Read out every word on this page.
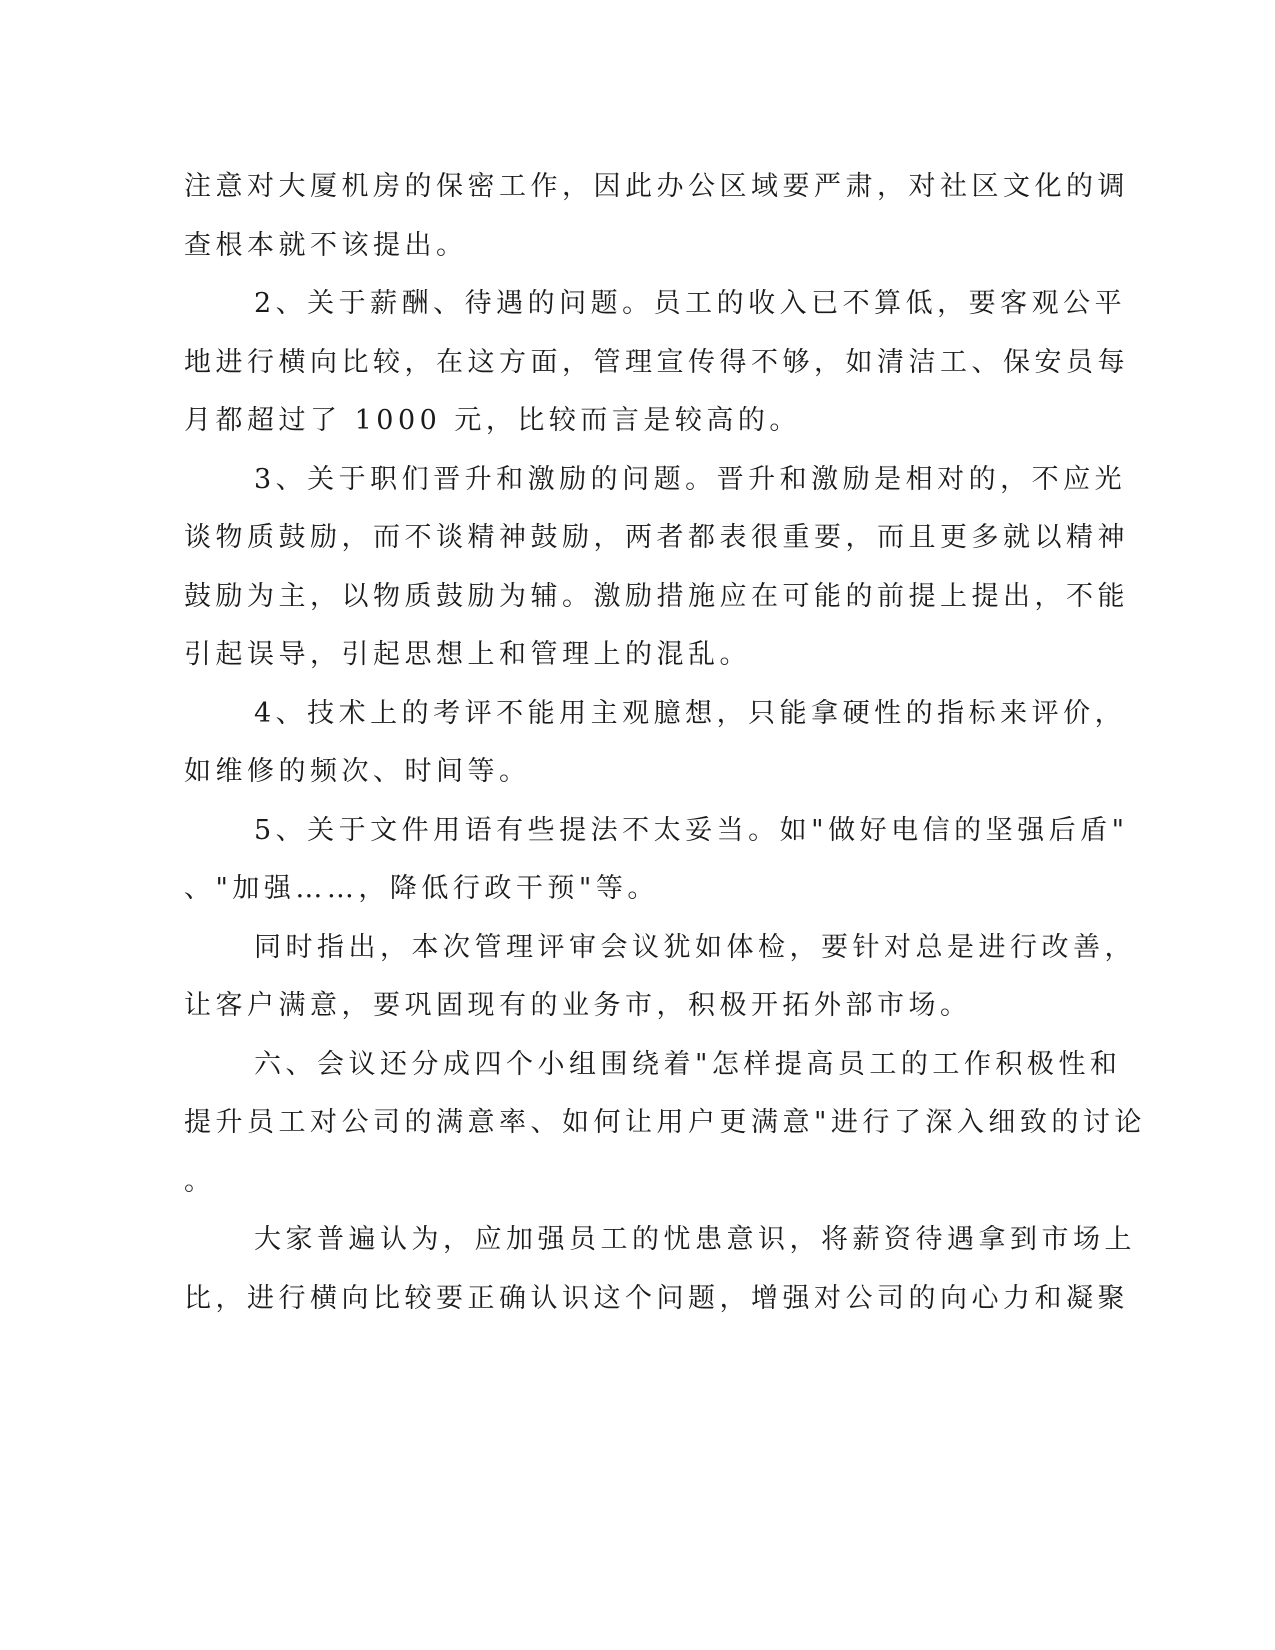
注意对大厦机房的保密工作，因此办公区域要严肃，对社区文化的调
查根本就不该提出。
2、关于薪酬、待遇的问题。员工的收入已不算低，要客观公平
地进行横向比较，在这方面，管理宣传得不够，如清洁工、保安员每
月都超过了 1000 元，比较而言是较高的。
3、关于职们晋升和激励的问题。晋升和激励是相对的，不应光
谈物质鼓励，而不谈精神鼓励，两者都表很重要，而且更多就以精神
鼓励为主，以物质鼓励为辅。激励措施应在可能的前提上提出，不能
引起误导，引起思想上和管理上的混乱。
4、技术上的考评不能用主观臆想，只能拿硬性的指标来评价，
如维修的频次、时间等。
5、关于文件用语有些提法不太妥当。如"做好电信的坚强后盾"
、"加强……，降低行政干预"等。
同时指出，本次管理评审会议犹如体检，要针对总是进行改善，
让客户满意，要巩固现有的业务市，积极开拓外部市场。
六、会议还分成四个小组围绕着"怎样提高员工的工作积极性和
提升员工对公司的满意率、如何让用户更满意"进行了深入细致的讨论
。
大家普遍认为，应加强员工的忧患意识，将薪资待遇拿到市场上
比，进行横向比较要正确认识这个问题，增强对公司的向心力和凝聚
